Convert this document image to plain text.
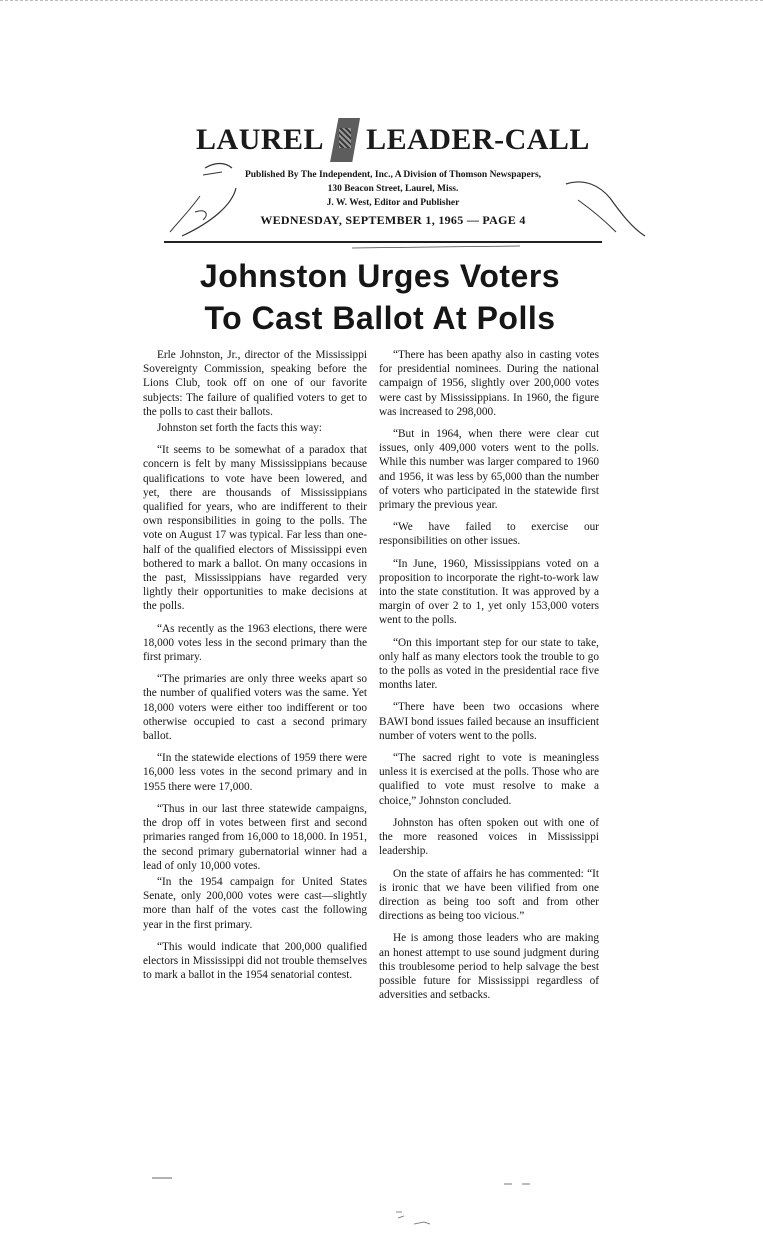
LAUREL LEADER-CALL
Published By The Independent, Inc., A Division of Thomson Newspapers,
130 Beacon Street, Laurel, Miss.
J. W. West, Editor and Publisher
WEDNESDAY, SEPTEMBER 1, 1965 — PAGE 4
Johnston Urges Voters
To Cast Ballot At Polls

Erle Johnston, Jr., director of the Mississippi Sovereignty Commission, speaking before the Lions Club, took off on one of our favorite subjects: The failure of qualified voters to get to the polls to cast their ballots.

Johnston set forth the facts this way:

“It seems to be somewhat of a paradox that concern is felt by many Mississippians because qualifications to vote have been lowered, and yet, there are thousands of Mississippians qualified for years, who are indifferent to their own responsibilities in going to the polls. The vote on August 17 was typical. Far less than one-half of the qualified electors of Mississippi even bothered to mark a ballot. On many occasions in the past, Mississippians have regarded very lightly their opportunities to make decisions at the polls.

“As recently as the 1963 elections, there were 18,000 votes less in the second primary than the first primary.

“The primaries are only three weeks apart so the number of qualified voters was the same. Yet 18,000 voters were either too indifferent or too otherwise occupied to cast a second primary ballot.

“In the statewide elections of 1959 there were 16,000 less votes in the second primary and in 1955 there were 17,000.

“Thus in our last three statewide campaigns, the drop off in votes between first and second primaries ranged from 16,000 to 18,000. In 1951, the second primary gubernatorial winner had a lead of only 10,000 votes.

“In the 1954 campaign for United States Senate, only 200,000 votes were cast—slightly more than half of the votes cast the following year in the first primary.

“This would indicate that 200,000 qualified electors in Mississippi did not trouble themselves to mark a ballot in the 1954 senatorial contest.

“There has been apathy also in casting votes for presidential nominees. During the national campaign of 1956, slightly over 200,000 votes were cast by Mississippians. In 1960, the figure was increased to 298,000.

“But in 1964, when there were clear cut issues, only 409,000 voters went to the polls. While this number was larger compared to 1960 and 1956, it was less by 65,000 than the number of voters who participated in the statewide first primary the previous year.

“We have failed to exercise our responsibilities on other issues.

“In June, 1960, Mississippians voted on a proposition to incorporate the right-to-work law into the state constitution. It was approved by a margin of over 2 to 1, yet only 153,000 voters went to the polls.

“On this important step for our state to take, only half as many electors took the trouble to go to the polls as voted in the presidential race five months later.

“There have been two occasions where BAWI bond issues failed because an insufficient number of voters went to the polls.

“The sacred right to vote is meaningless unless it is exercised at the polls. Those who are qualified to vote must resolve to make a choice,” Johnston concluded.

Johnston has often spoken out with one of the more reasoned voices in Mississippi leadership.

On the state of affairs he has commented: “It is ironic that we have been vilified from one direction as being too soft and from other directions as being too vicious.”

He is among those leaders who are making an honest attempt to use sound judgment during this troublesome period to help salvage the best possible future for Mississippi regardless of adversities and setbacks.
